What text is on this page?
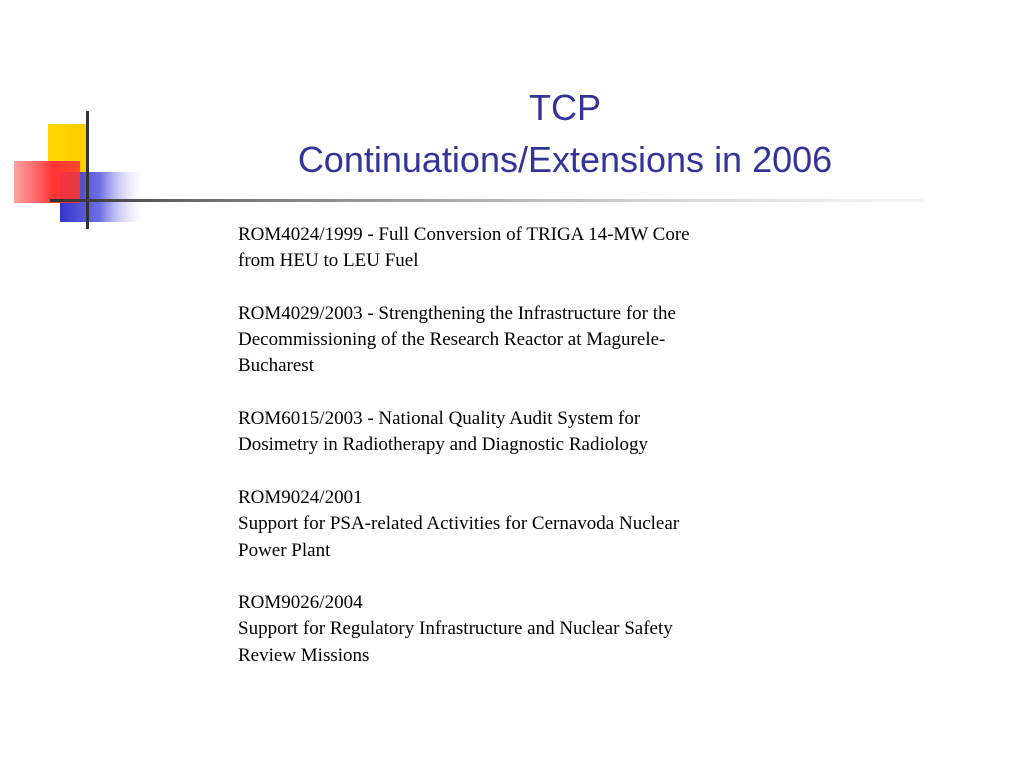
TCP
Continuations/Extensions in 2006
ROM4024/1999 - Full Conversion of TRIGA 14-MW Core
from HEU to LEU Fuel
ROM4029/2003 - Strengthening the Infrastructure for the
Decommissioning of the Research Reactor at Magurele-
Bucharest
ROM6015/2003 - National Quality Audit System for
Dosimetry in Radiotherapy and Diagnostic Radiology
ROM9024/2001
Support for PSA-related Activities for Cernavoda Nuclear
Power Plant
ROM9026/2004
Support for Regulatory Infrastructure and Nuclear Safety
Review Missions
